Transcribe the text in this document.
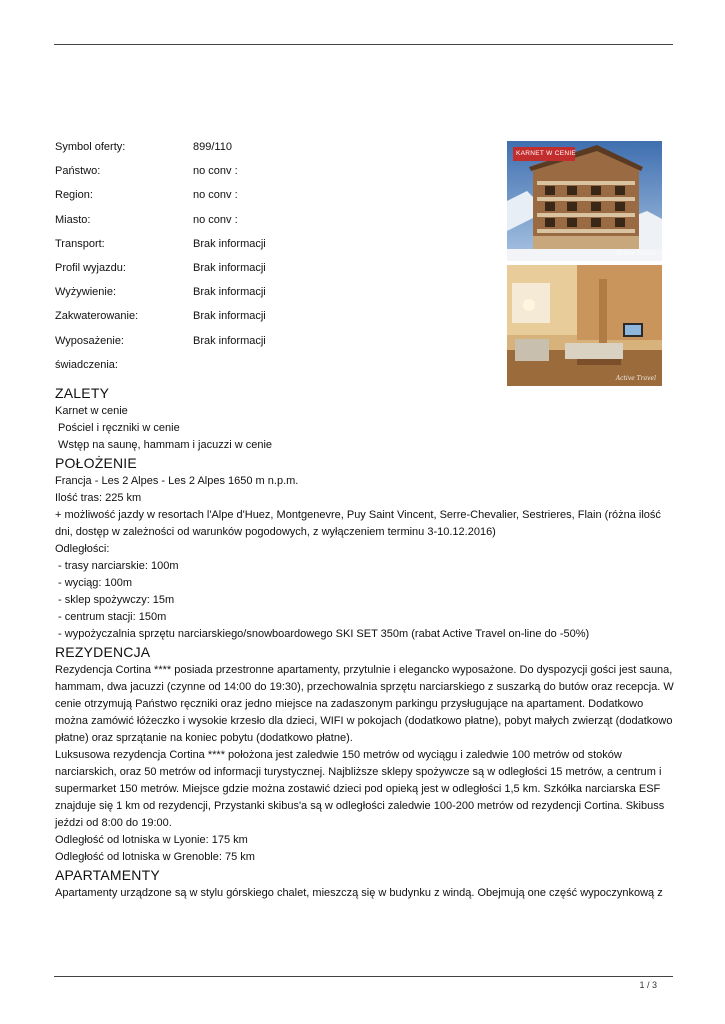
Symbol oferty:	899/110
Państwo:	no conv :
Region:	no conv :
Miasto:	no conv :
Transport:	Brak informacji
Profil wyjazdu:	Brak informacji
Wyżywienie:	Brak informacji
Zakwaterowanie:	Brak informacji
Wyposażenie:	Brak informacji
świadczenia:
KARNET W CENIE
Active Travel
Active Travel
ZALETY

Karnet w cenie

Pościel i ręczniki w cenie

Wstęp na saunę, hammam i jacuzzi w cenie

POŁOŻENIE

Francja - Les 2 Alpes - Les 2 Alpes 1650 m n.p.m.

Ilość tras: 225 km

+ możliwość jazdy w resortach l'Alpe d'Huez, Montgenevre, Puy Saint Vincent, Serre-Chevalier, Sestrieres, Flain (różna ilość dni, dostęp w zależności od warunków pogodowych, z wyłączeniem terminu 3-10.12.2016)

Odległości:

- trasy narciarskie: 100m

- wyciąg: 100m

- sklep spożywczy: 15m

- centrum stacji: 150m

- wypożyczalnia sprzętu narciarskiego/snowboardowego SKI SET 350m (rabat Active Travel on-line do -50%)

REZYDENCJA

Rezydencja Cortina **** posiada przestronne apartamenty, przytulnie i elegancko wyposażone. Do dyspozycji gości jest sauna, hammam, dwa jacuzzi (czynne od 14:00 do 19:30), przechowalnia sprzętu narciarskiego z suszarką do butów oraz recepcja. W cenie otrzymują Państwo ręczniki oraz jedno miejsce na zadaszonym parkingu przysługujące na apartament. Dodatkowo można zamówić łóżeczko i wysokie krzesło dla dzieci, WIFI w pokojach (dodatkowo płatne), pobyt małych zwierząt (dodatkowo płatne) oraz sprzątanie na koniec pobytu (dodatkowo płatne).

Luksusowa rezydencja Cortina **** położona jest zaledwie 150 metrów od wyciągu i zaledwie 100 metrów od stoków narciarskich, oraz 50 metrów od informacji turystycznej. Najbliższe sklepy spożywcze są w odległości 15 metrów, a centrum i supermarket 150 metrów. Miejsce gdzie można zostawić dzieci pod opieką jest w odległości 1,5 km. Szkółka narciarska ESF znajduje się 1 km od rezydencji, Przystanki skibus'a są w odległości zaledwie 100-200 metrów od rezydencji Cortina. Skibuss jeździ od 8:00 do 19:00.

Odległość od lotniska w Lyonie: 175 km

Odległość od lotniska w Grenoble: 75 km

APARTAMENTY

Apartamenty urządzone są w stylu górskiego chalet, mieszczą się w budynku z windą. Obejmują one część wypoczynkową z

1 / 3
